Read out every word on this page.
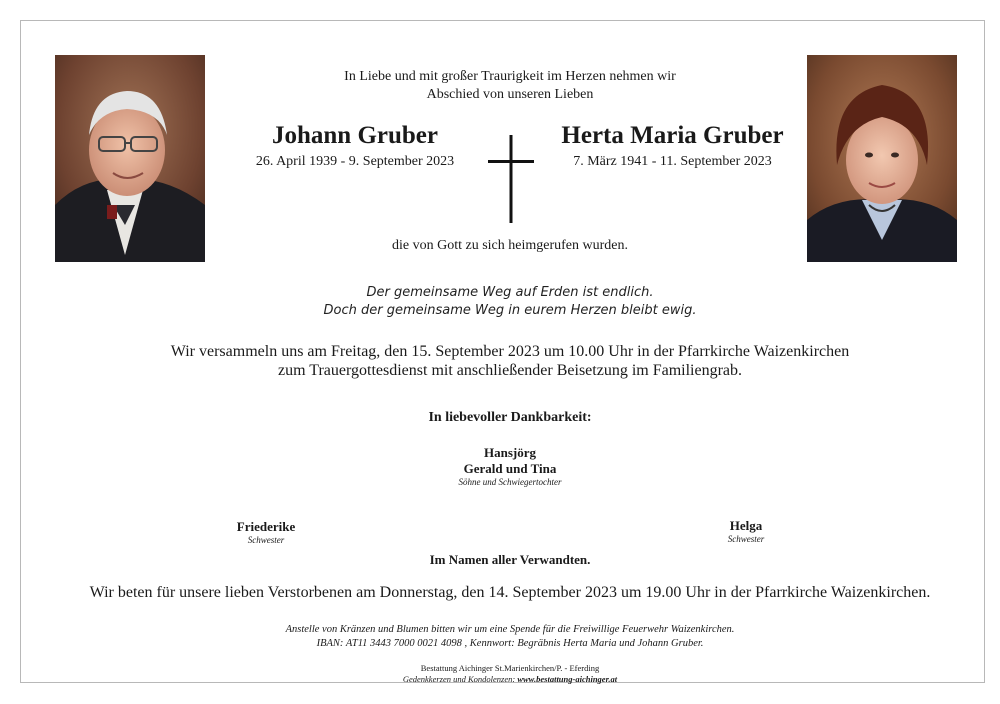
In Liebe und mit großer Traurigkeit im Herzen nehmen wir
Abschied von unseren Lieben
Johann Gruber
26. April 1939 - 9. September 2023
Herta Maria Gruber
7. März 1941 - 11. September 2023
die von Gott zu sich heimgerufen wurden.
Der gemeinsame Weg auf Erden ist endlich.
Doch der gemeinsame Weg in eurem Herzen bleibt ewig.
Wir versammeln uns am Freitag, den 15. September 2023 um 10.00 Uhr in der Pfarrkirche Waizenkirchen
zum Trauergottesdienst mit anschließender Beisetzung im Familiengrab.
In liebevoller Dankbarkeit:
Hansjörg
Gerald und Tina
Söhne und Schwiegertochter
Friederike
Schwester
Helga
Schwester
Im Namen aller Verwandten.
Wir beten für unsere lieben Verstorbenen am Donnerstag, den 14. September 2023 um 19.00 Uhr in der Pfarrkirche Waizenkirchen.
Anstelle von Kränzen und Blumen bitten wir um eine Spende für die Freiwillige Feuerwehr Waizenkirchen.
IBAN: AT11 3443 7000 0021 4098 , Kennwort: Begräbnis Herta Maria und Johann Gruber.
Bestattung Aichinger St.Marienkirchen/P. - Eferding
Gedenkkerzen und Kondolenzen: www.bestattung-aichinger.at
